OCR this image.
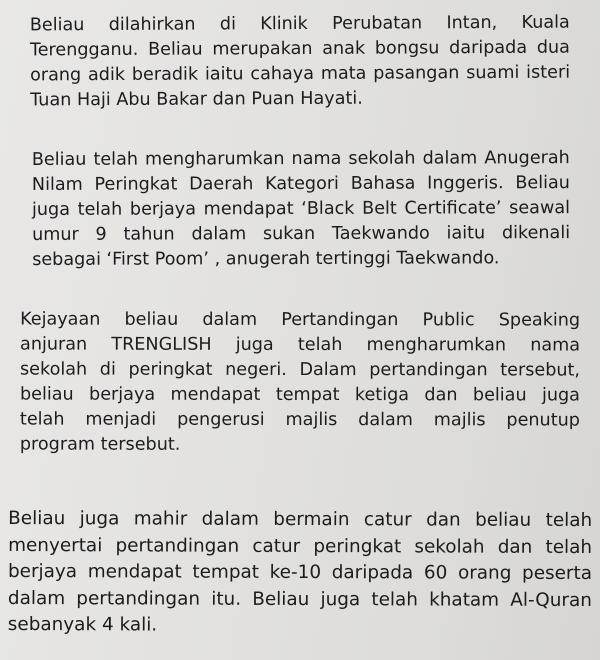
Beliau dilahirkan di Klinik Perubatan Intan, Kuala
Terengganu. Beliau merupakan anak bongsu daripada dua
orang adik beradik iaitu cahaya mata pasangan suami isteri
Tuan Haji Abu Bakar dan Puan Hayati.
Beliau telah mengharumkan nama sekolah dalam Anugerah
Nilam Peringkat Daerah Kategori Bahasa Inggeris. Beliau
juga telah berjaya mendapat ‘Black Belt Certificate’ seawal
umur 9 tahun dalam sukan Taekwando iaitu dikenali
sebagai ‘First Poom’ , anugerah tertinggi Taekwando.
Kejayaan beliau dalam Pertandingan Public Speaking
anjuran TRENGLISH juga telah mengharumkan nama
sekolah di peringkat negeri. Dalam pertandingan tersebut,
beliau berjaya mendapat tempat ketiga dan beliau juga
telah menjadi pengerusi majlis dalam majlis penutup
program tersebut.
Beliau juga mahir dalam bermain catur dan beliau telah
menyertai pertandingan catur peringkat sekolah dan telah
berjaya mendapat tempat ke-10 daripada 60 orang peserta
dalam pertandingan itu. Beliau juga telah khatam Al-Quran
sebanyak 4 kali.
